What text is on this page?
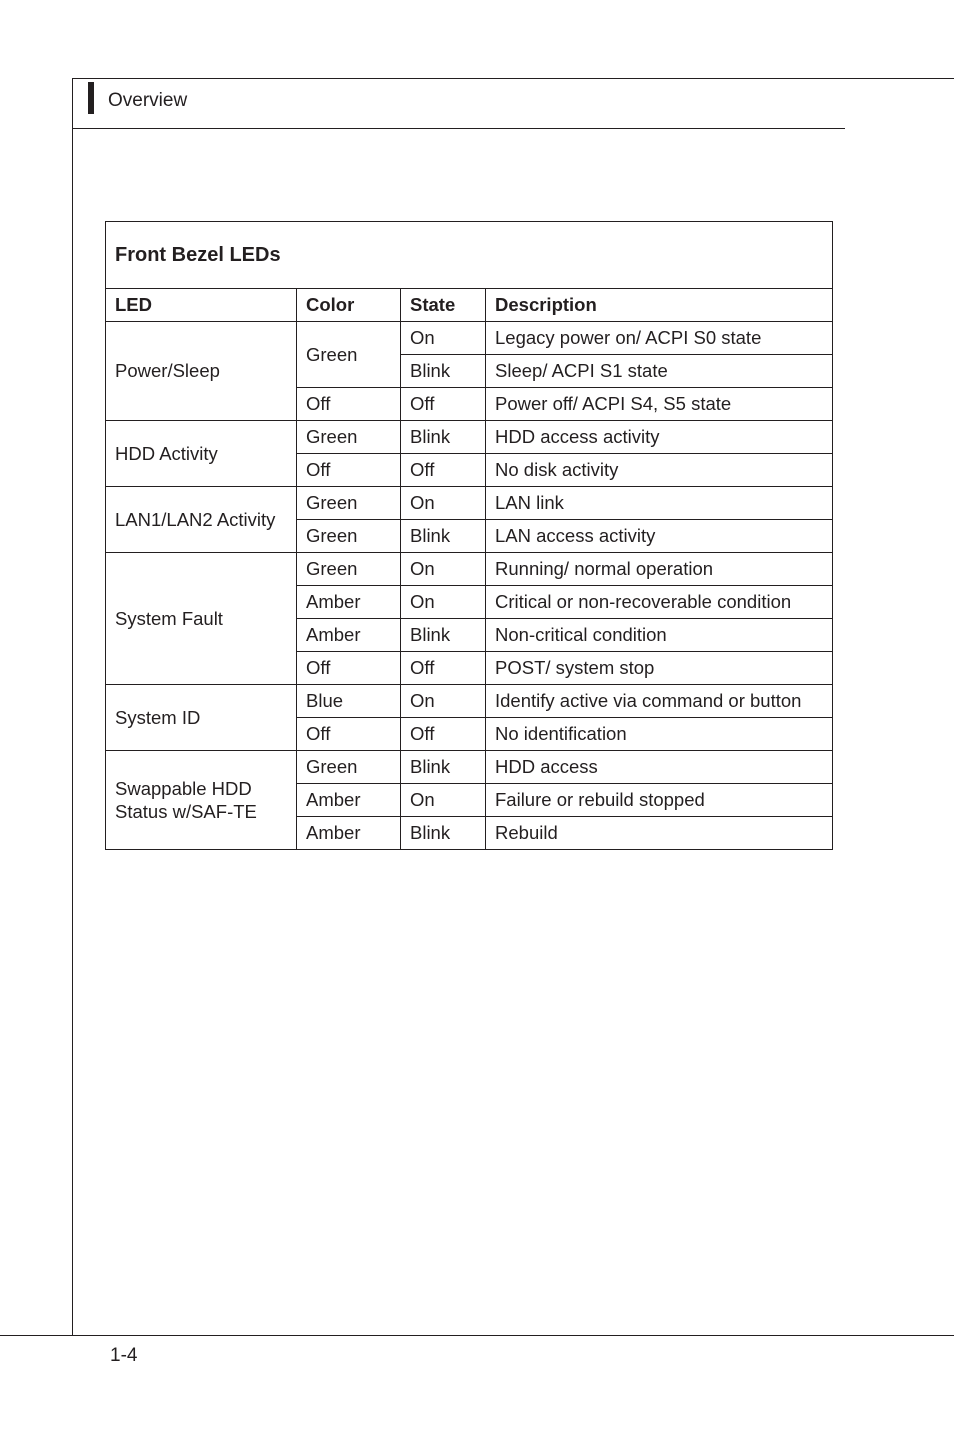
Overview
Front Bezel LEDs			
LED	Color	State	Description
Power/Sleep	Green	On	Legacy power on/ ACPI S0 state
		Blink	Sleep/ ACPI S1 state
	Off	Off	Power off/ ACPI S4, S5 state
HDD Activity	Green	Blink	HDD access activity
	Off	Off	No disk activity
LAN1/LAN2 Activity	Green	On	LAN link
	Green	Blink	LAN access activity
System Fault	Green	On	Running/ normal operation
	Amber	On	Critical or non-recoverable condition
	Amber	Blink	Non-critical condition
	Off	Off	POST/ system stop
System ID	Blue	On	Identify active via command or button
	Off	Off	No identification
Swappable HDD Status w/SAF-TE	Green	Blink	HDD access
	Amber	On	Failure or rebuild stopped
	Amber	Blink	Rebuild
1-4
